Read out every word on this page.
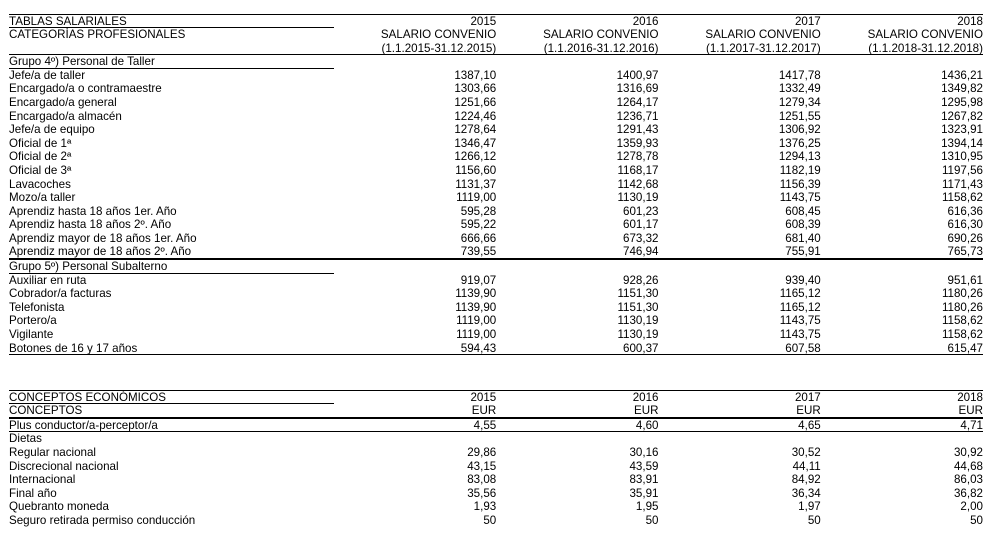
TABLAS SALARIALES	2015	2016	2017	2018
CATEGORÍAS PROFESIONALES	SALARIO CONVENIO	SALARIO CONVENIO	SALARIO CONVENIO	SALARIO CONVENIO
(1.1.2015-31.12.2015)	(1.1.2016-31.12.2016)	(1.1.2017-31.12.2017)	(1.1.2018-31.12.2018)
Grupo 4º) Personal de Taller
Jefe/a de taller	1387,10	1400,97	1417,78	1436,21
Encargado/a o contramaestre	1303,66	1316,69	1332,49	1349,82
Encargado/a general	1251,66	1264,17	1279,34	1295,98
Encargado/a almacén	1224,46	1236,71	1251,55	1267,82
Jefe/a de equipo	1278,64	1291,43	1306,92	1323,91
Oficial de 1ª	1346,47	1359,93	1376,25	1394,14
Oficial de 2ª	1266,12	1278,78	1294,13	1310,95
Oficial de 3ª	1156,60	1168,17	1182,19	1197,56
Lavacoches	1131,37	1142,68	1156,39	1171,43
Mozo/a taller	1119,00	1130,19	1143,75	1158,62
Aprendiz hasta 18 años 1er. Año	595,28	601,23	608,45	616,36
Aprendiz hasta 18 años 2º. Año	595,22	601,17	608,39	616,30
Aprendiz mayor de 18 años 1er. Año	666,66	673,32	681,40	690,26
Aprendiz mayor de 18 años 2º. Año	739,55	746,94	755,91	765,73
Grupo 5º) Personal Subalterno
Auxiliar en ruta	919,07	928,26	939,40	951,61
Cobrador/a facturas	1139,90	1151,30	1165,12	1180,26
Telefonista	1139,90	1151,30	1165,12	1180,26
Portero/a	1119,00	1130,19	1143,75	1158,62
Vigilante	1119,00	1130,19	1143,75	1158,62
Botones de 16 y 17 años	594,43	600,37	607,58	615,47
CONCEPTOS ECONÓMICOS	2015	2016	2017	2018
CONCEPTOS	EUR	EUR	EUR	EUR
Plus conductor/a-perceptor/a	4,55	4,60	4,65	4,71
Dietas
Regular nacional	29,86	30,16	30,52	30,92
Discrecional nacional	43,15	43,59	44,11	44,68
Internacional	83,08	83,91	84,92	86,03
Final año	35,56	35,91	36,34	36,82
Quebranto moneda	1,93	1,95	1,97	2,00
Seguro retirada permiso conducción	50	50	50	50
